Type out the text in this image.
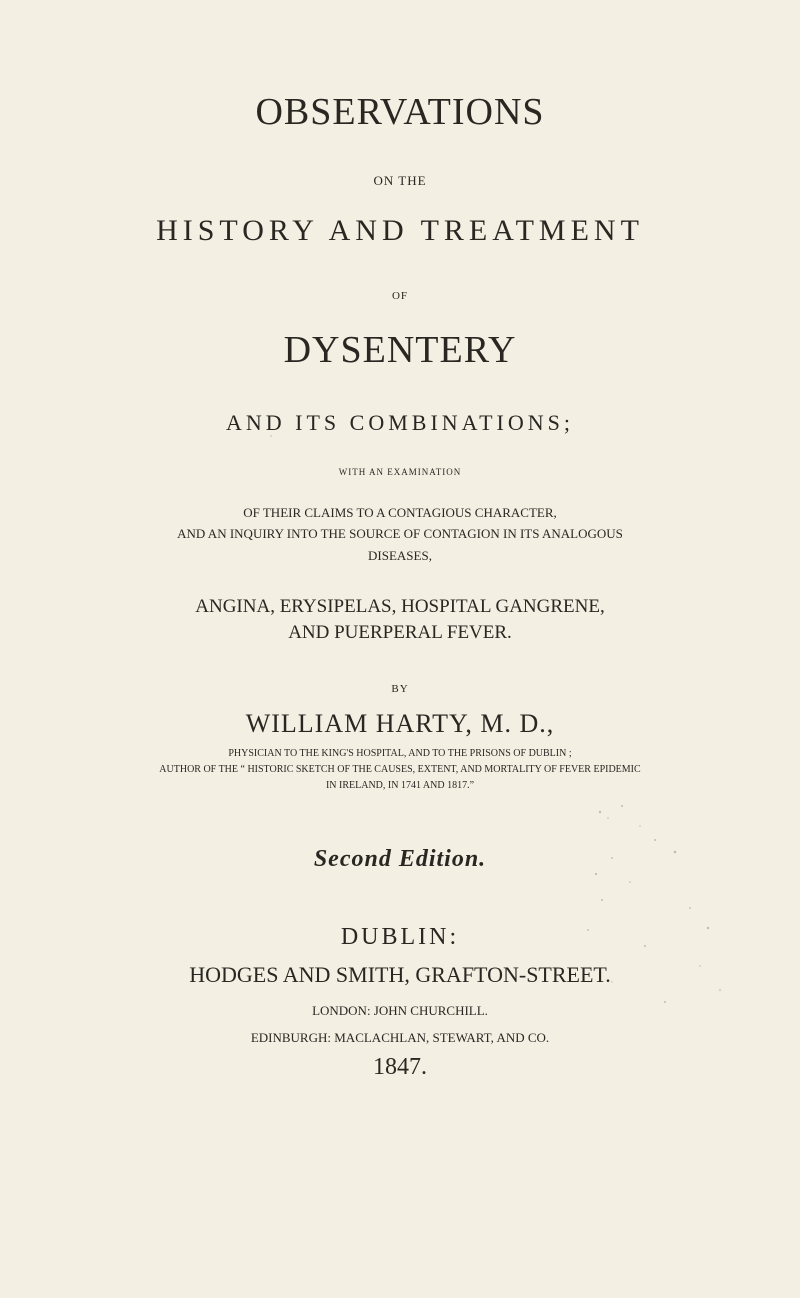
OBSERVATIONS
ON THE
HISTORY AND TREATMENT
OF
DYSENTERY
AND ITS COMBINATIONS;
WITH AN EXAMINATION
OF THEIR CLAIMS TO A CONTAGIOUS CHARACTER,
AND AN INQUIRY INTO THE SOURCE OF CONTAGION IN ITS ANALOGOUS
DISEASES,
ANGINA, ERYSIPELAS, HOSPITAL GANGRENE,
AND PUERPERAL FEVER.
BY
WILLIAM HARTY, M. D.,
PHYSICIAN TO THE KING'S HOSPITAL, AND TO THE PRISONS OF DUBLIN ;
AUTHOR OF THE “ HISTORIC SKETCH OF THE CAUSES, EXTENT, AND MORTALITY OF FEVER EPIDEMIC
IN IRELAND, IN 1741 AND 1817.”
Second Edition.
DUBLIN:
HODGES AND SMITH, GRAFTON-STREET.
LONDON: JOHN CHURCHILL.
EDINBURGH: MACLACHLAN, STEWART, AND CO.
1847.
